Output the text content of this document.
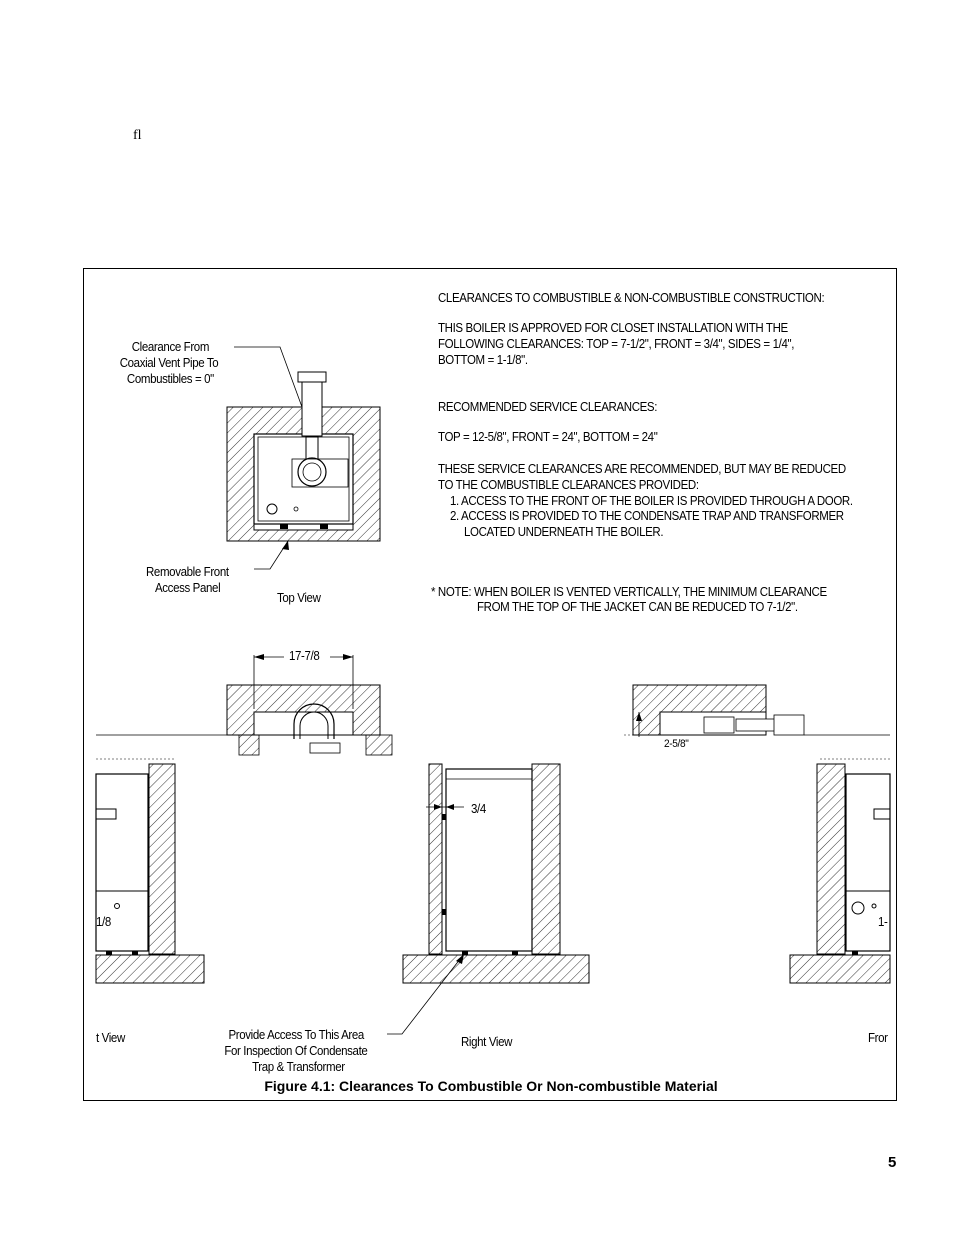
fl
CLEARANCES TO COMBUSTIBLE & NON-COMBUSTIBLE CONSTRUCTION:
THIS BOILER IS APPROVED FOR CLOSET INSTALLATION WITH THE
FOLLOWING CLEARANCES: TOP = 7-1/2", FRONT = 3/4", SIDES = 1/4",
BOTTOM = 1-1/8".
RECOMMENDED SERVICE CLEARANCES:
TOP = 12-5/8", FRONT = 24", BOTTOM = 24"
THESE SERVICE CLEARANCES ARE RECOMMENDED, BUT MAY BE REDUCED
TO THE COMBUSTIBLE CLEARANCES PROVIDED:
1. ACCESS TO THE FRONT OF THE BOILER IS PROVIDED THROUGH A DOOR.
2. ACCESS IS PROVIDED TO THE CONDENSATE TRAP AND TRANSFORMER
LOCATED UNDERNEATH THE BOILER.
* NOTE: WHEN BOILER IS VENTED VERTICALLY, THE MINIMUM CLEARANCE
FROM THE TOP OF THE JACKET CAN BE REDUCED TO 7-1/2".
Clearance From
Coaxial Vent Pipe To
Combustibles = 0"
Removable Front
Access Panel
Top View
17-7/8
3/4
2-5/8"
1/8	1-
t View	Right View	Fror
Provide Access To This Area
For Inspection Of Condensate
Trap & Transformer
Figure 4.1: Clearances To Combustible Or Non-combustible Material
5
